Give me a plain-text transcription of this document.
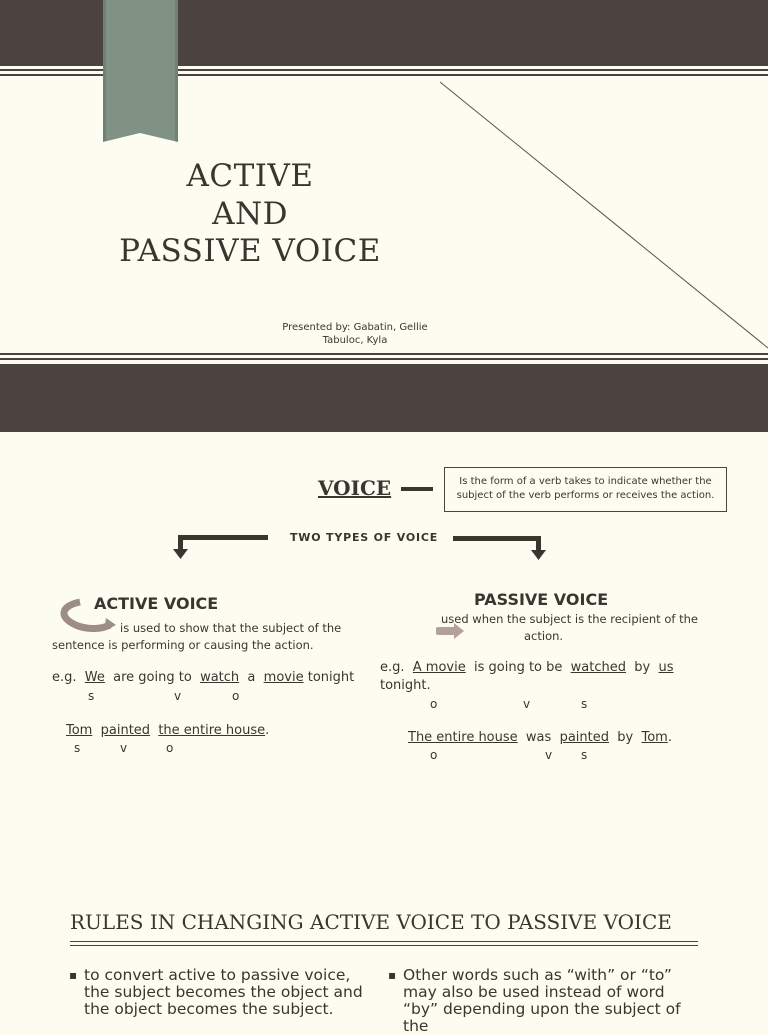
ACTIVE
AND
PASSIVE VOICE
Presented by: Gabatin, Gellie
Tabuloc, Kyla
VOICE	Is the form of a verb takes to indicate whether the subject of the verb performs or receives the action.
TWO TYPES OF VOICE
ACTIVE VOICE
is used to show that the subject of the
sentence is performing or causing the action.
e.g. We are going to watch a movie tonight
s	v	o
Tom painted the entire house.
s	v	o
PASSIVE VOICE
used when the subject is the recipient of the
action.
e.g. A movie is going to be watched by us
tonight.
o	v	s
The entire house was painted by Tom.
o	v s
RULES IN CHANGING ACTIVE VOICE TO PASSIVE VOICE
▪ to convert active to passive voice,
the subject becomes the object and
the object becomes the subject.
▪ Other words such as “with” or “to”
may also be used instead of word
“by” depending upon the subject of
the
